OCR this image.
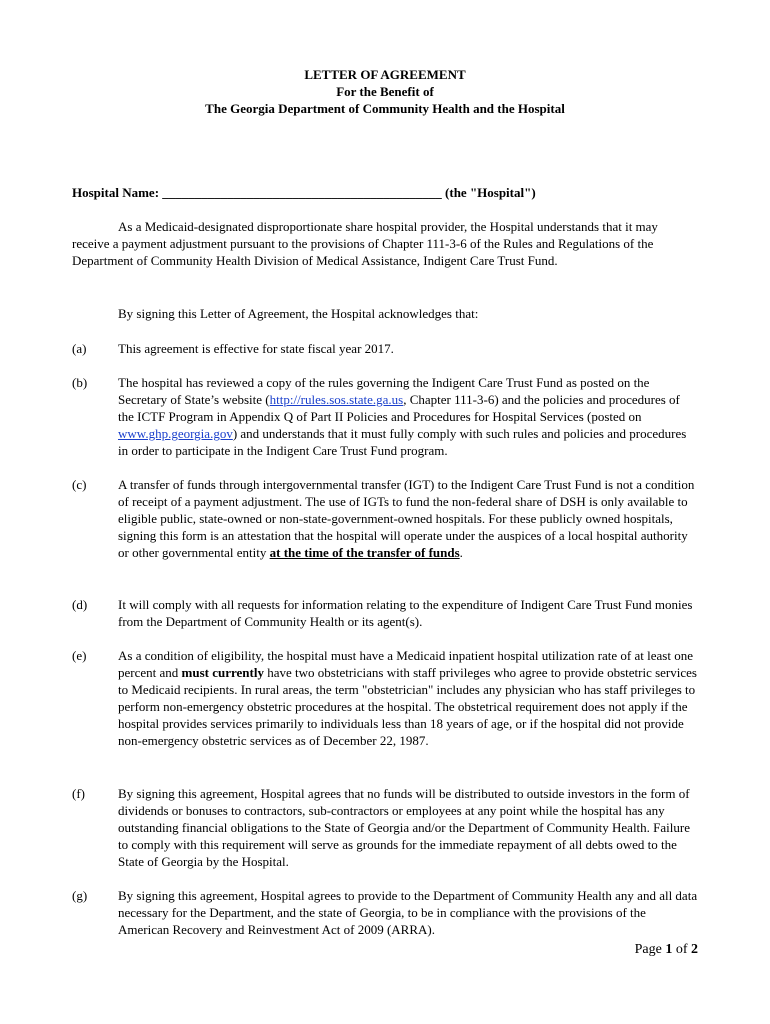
LETTER OF AGREEMENT
For the Benefit of
The Georgia Department of Community Health and the Hospital
Hospital Name: ___________________________________________ (the "Hospital")
As a Medicaid-designated disproportionate share hospital provider, the Hospital understands that it may receive a payment adjustment pursuant to the provisions of Chapter 111-3-6 of the Rules and Regulations of the Department of Community Health Division of Medical Assistance, Indigent Care Trust Fund.
By signing this Letter of Agreement, the Hospital acknowledges that:
(a)	This agreement is effective for state fiscal year 2017.
(b)	The hospital has reviewed a copy of the rules governing the Indigent Care Trust Fund as posted on the Secretary of State’s website (http://rules.sos.state.ga.us, Chapter 111-3-6) and the policies and procedures of the ICTF Program in Appendix Q of Part II Policies and Procedures for Hospital Services (posted on www.ghp.georgia.gov) and understands that it must fully comply with such rules and policies and procedures in order to participate in the Indigent Care Trust Fund program.
(c)	A transfer of funds through intergovernmental transfer (IGT) to the Indigent Care Trust Fund is not a condition of receipt of a payment adjustment. The use of IGTs to fund the non-federal share of DSH is only available to eligible public, state-owned or non-state-government-owned hospitals. For these publicly owned hospitals, signing this form is an attestation that the hospital will operate under the auspices of a local hospital authority or other governmental entity at the time of the transfer of funds.
(d)	It will comply with all requests for information relating to the expenditure of Indigent Care Trust Fund monies from the Department of Community Health or its agent(s).
(e)	As a condition of eligibility, the hospital must have a Medicaid inpatient hospital utilization rate of at least one percent and must currently have two obstetricians with staff privileges who agree to provide obstetric services to Medicaid recipients. In rural areas, the term "obstetrician" includes any physician who has staff privileges to perform non-emergency obstetric procedures at the hospital. The obstetrical requirement does not apply if the hospital provides services primarily to individuals less than 18 years of age, or if the hospital did not provide non-emergency obstetric services as of December 22, 1987.
(f)	By signing this agreement, Hospital agrees that no funds will be distributed to outside investors in the form of dividends or bonuses to contractors, sub-contractors or employees at any point while the hospital has any outstanding financial obligations to the State of Georgia and/or the Department of Community Health. Failure to comply with this requirement will serve as grounds for the immediate repayment of all debts owed to the State of Georgia by the Hospital.
(g)	By signing this agreement, Hospital agrees to provide to the Department of Community Health any and all data necessary for the Department, and the state of Georgia, to be in compliance with the provisions of the American Recovery and Reinvestment Act of 2009 (ARRA).
Page 1 of 2
